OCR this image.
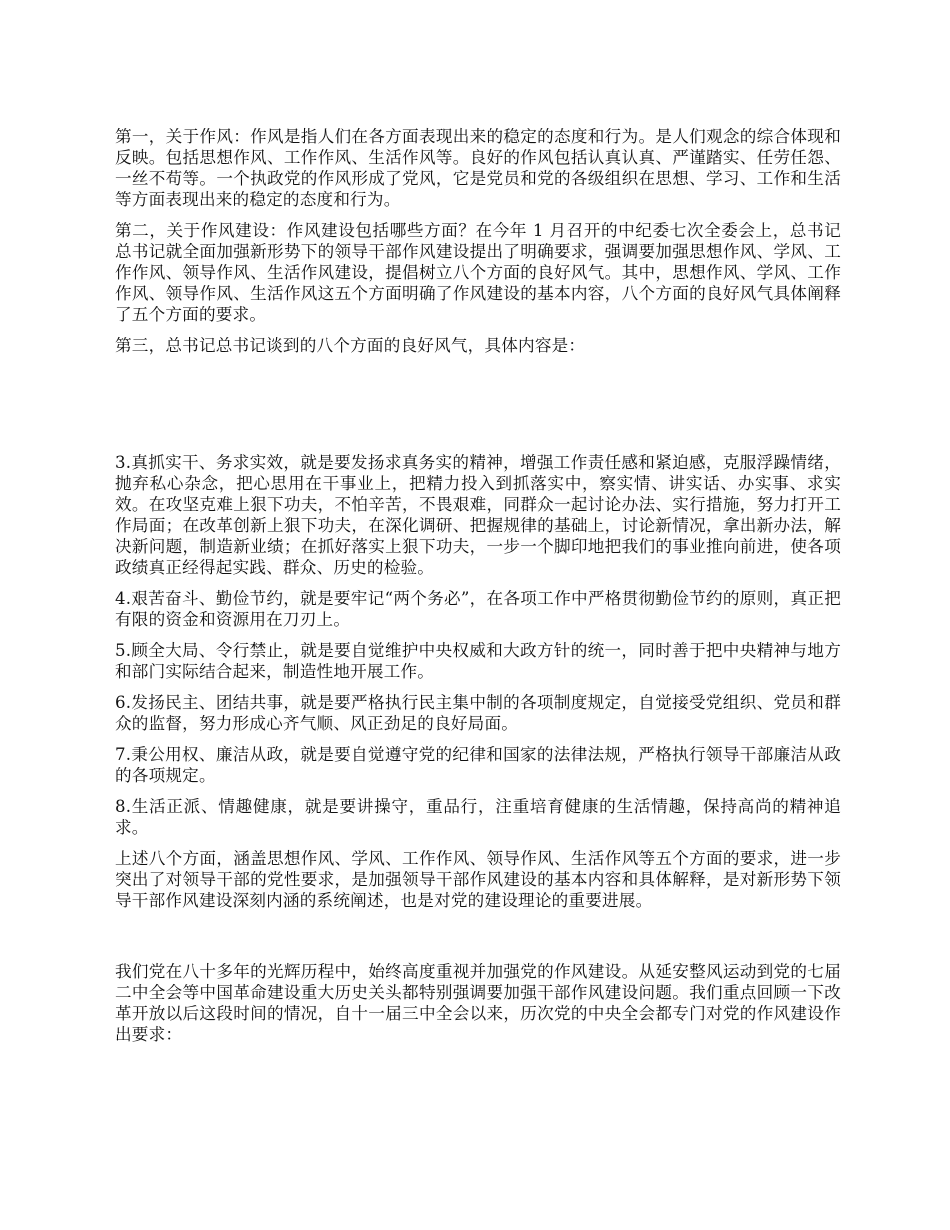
第一，关于作风：作风是指人们在各方面表现出来的稳定的态度和行为。是人们观念的综合体现和反映。包括思想作风、工作作风、生活作风等。良好的作风包括认真认真、严谨踏实、任劳任怨、一丝不苟等。一个执政党的作风形成了党风，它是党员和党的各级组织在思想、学习、工作和生活等方面表现出来的稳定的态度和行为。

第二，关于作风建设：作风建设包括哪些方面？在今年 1 月召开的中纪委七次全委会上，总书记总书记就全面加强新形势下的领导干部作风建设提出了明确要求，强调要加强思想作风、学风、工作作风、领导作风、生活作风建设，提倡树立八个方面的良好风气。其中，思想作风、学风、工作作风、领导作风、生活作风这五个方面明确了作风建设的基本内容，八个方面的良好风气具体阐释了五个方面的要求。

第三，总书记总书记谈到的八个方面的良好风气，具体内容是：

3.真抓实干、务求实效，就是要发扬求真务实的精神，增强工作责任感和紧迫感，克服浮躁情绪，抛弃私心杂念，把心思用在干事业上，把精力投入到抓落实中，察实情、讲实话、办实事、求实效。在攻坚克难上狠下功夫，不怕辛苦，不畏艰难，同群众一起讨论办法、实行措施，努力打开工作局面；在改革创新上狠下功夫，在深化调研、把握规律的基础上，讨论新情况，拿出新办法，解决新问题，制造新业绩；在抓好落实上狠下功夫，一步一个脚印地把我们的事业推向前进，使各项政绩真正经得起实践、群众、历史的检验。

4.艰苦奋斗、勤俭节约，就是要牢记“两个务必”，在各项工作中严格贯彻勤俭节约的原则，真正把有限的资金和资源用在刀刃上。

5.顾全大局、令行禁止，就是要自觉维护中央权威和大政方针的统一，同时善于把中央精神与地方和部门实际结合起来，制造性地开展工作。

6.发扬民主、团结共事，就是要严格执行民主集中制的各项制度规定，自觉接受党组织、党员和群众的监督，努力形成心齐气顺、风正劲足的良好局面。

7.秉公用权、廉洁从政，就是要自觉遵守党的纪律和国家的法律法规，严格执行领导干部廉洁从政的各项规定。

8.生活正派、情趣健康，就是要讲操守，重品行，注重培育健康的生活情趣，保持高尚的精神追求。

上述八个方面，涵盖思想作风、学风、工作作风、领导作风、生活作风等五个方面的要求，进一步突出了对领导干部的党性要求，是加强领导干部作风建设的基本内容和具体解释，是对新形势下领导干部作风建设深刻内涵的系统阐述，也是对党的建设理论的重要进展。

我们党在八十多年的光辉历程中，始终高度重视并加强党的作风建设。从延安整风运动到党的七届二中全会等中国革命建设重大历史关头都特别强调要加强干部作风建设问题。我们重点回顾一下改革开放以后这段时间的情况，自十一届三中全会以来，历次党的中央全会都专门对党的作风建设作出要求：
